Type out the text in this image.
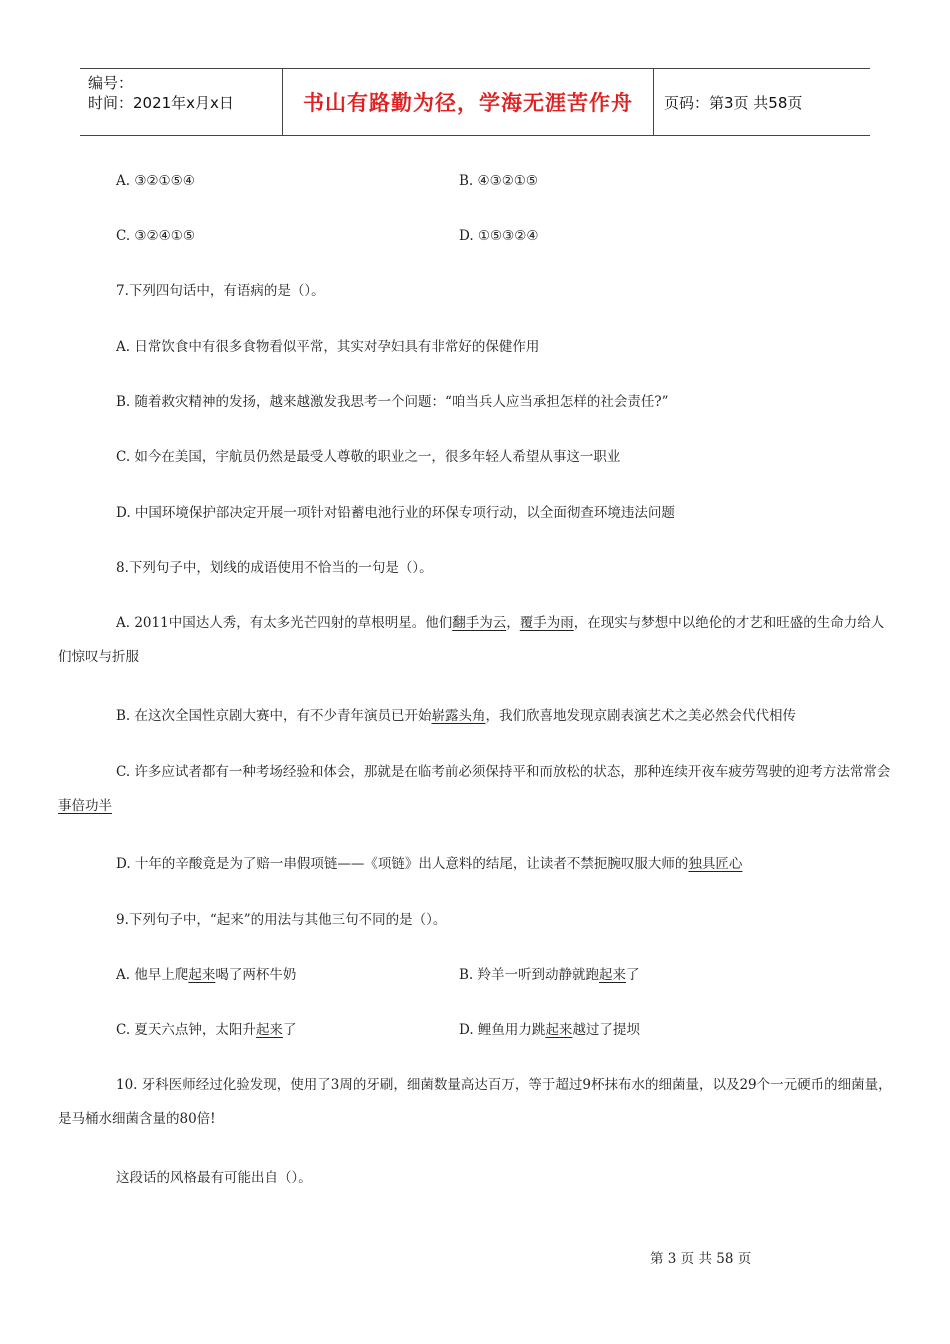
编号：
时间：2021年x月x日	书山有路勤为径，学海无涯苦作舟 页码：第3页 共58页
A. ③②①⑤④	B. ④③②①⑤
C. ③②④①⑤	D. ①⑤③②④
7.下列四句话中，有语病的是（）。
A. 日常饮食中有很多食物看似平常，其实对孕妇具有非常好的保健作用
B. 随着救灾精神的发扬，越来越激发我思考一个问题：“咱当兵人应当承担怎样的社会责任?”
C. 如今在美国，宇航员仍然是最受人尊敬的职业之一，很多年轻人希望从事这一职业
D. 中国环境保护部决定开展一项针对铅蓄电池行业的环保专项行动，以全面彻查环境违法问题
8.下列句子中，划线的成语使用不恰当的一句是（）。
A. 2011中国达人秀，有太多光芒四射的草根明星。他们翻手为云，覆手为雨，在现实与梦想中以绝伦的才艺和旺盛的生命力给人们惊叹与折服
B. 在这次全国性京剧大赛中，有不少青年演员已开始崭露头角，我们欣喜地发现京剧表演艺术之美必然会代代相传
C. 许多应试者都有一种考场经验和体会，那就是在临考前必须保持平和而放松的状态，那种连续开夜车疲劳驾驶的迎考方法常常会事倍功半
D. 十年的辛酸竟是为了赔一串假项链——《项链》出人意料的结尾，让读者不禁扼腕叹服大师的独具匠心
9.下列句子中，“起来”的用法与其他三句不同的是（）。
A. 他早上爬起来喝了两杯牛奶	B. 羚羊一听到动静就跑起来了
C. 夏天六点钟，太阳升起来了	D. 鲤鱼用力跳起来越过了提坝
10. 牙科医师经过化验发现，使用了3周的牙刷，细菌数量高达百万，等于超过9杯抹布水的细菌量，以及29个一元硬币的细菌量，是马桶水细菌含量的80倍!
这段话的风格最有可能出自（）。
第 3 页 共 58 页
